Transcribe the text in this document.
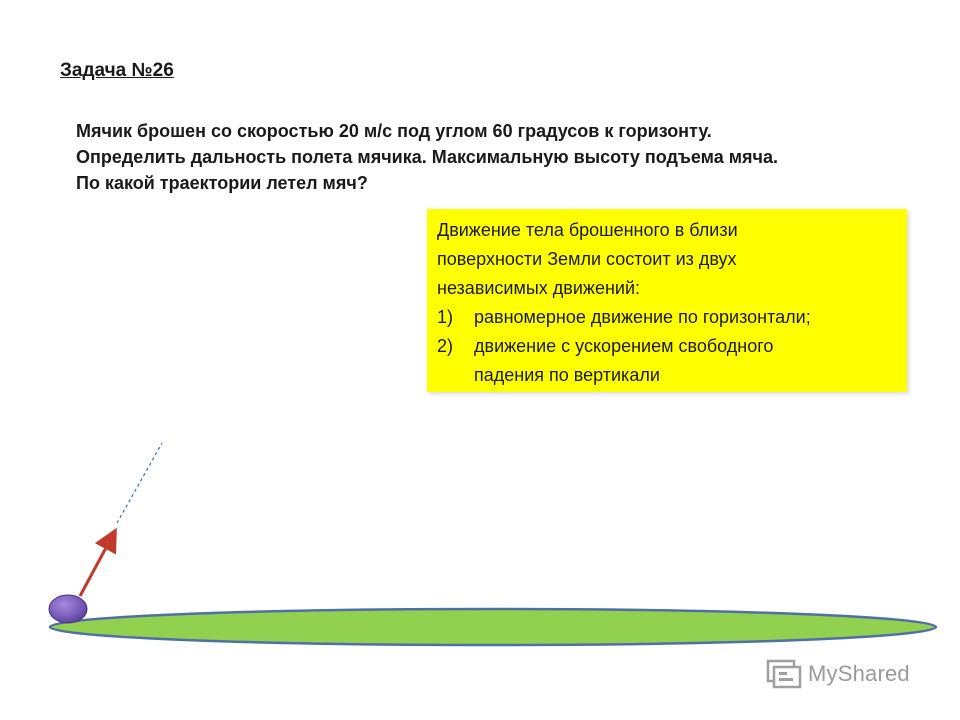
Задача №26
Мячик брошен со скоростью 20 м/с под углом 60 градусов к горизонту.
Определить дальность полета мячика. Максимальную высоту подъема мяча.
По какой траектории летел мяч?
Движение тела брошенного в близи
поверхности Земли состоит из двух
независимых движений:
1)	равномерное движение по горизонтали;
2)	движение с ускорением свободного
падения по вертикали
MyShared
